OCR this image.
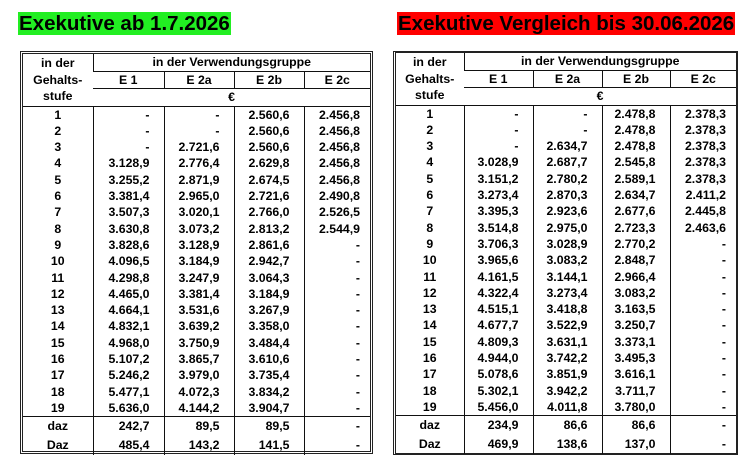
Exekutive ab 1.7.2026	Exekutive Vergleich bis 30.06.2026
in der
Gehalts-
stufe	in der Verwendungsgruppe			
	E 1	E 2a	E 2b	E 2c
	€			
1	-	-	2.560,6	2.456,8
2	-	-	2.560,6	2.456,8
3	-	2.721,6	2.560,6	2.456,8
4	3.128,9	2.776,4	2.629,8	2.456,8
5	3.255,2	2.871,9	2.674,5	2.456,8
6	3.381,4	2.965,0	2.721,6	2.490,8
7	3.507,3	3.020,1	2.766,0	2.526,5
8	3.630,8	3.073,2	2.813,2	2.544,9
9	3.828,6	3.128,9	2.861,6	-
10	4.096,5	3.184,9	2.942,7	-
11	4.298,8	3.247,9	3.064,3	-
12	4.465,0	3.381,4	3.184,9	-
13	4.664,1	3.531,6	3.267,9	-
14	4.832,1	3.639,2	3.358,0	-
15	4.968,0	3.750,9	3.484,4	-
16	5.107,2	3.865,7	3.610,6	-
17	5.246,2	3.979,0	3.735,4	-
18	5.477,1	4.072,3	3.834,2	-
19	5.636,0	4.144,2	3.904,7	-
daz	242,7	89,5	89,5	-
Daz	485,4	143,2	141,5	-
in der
Gehalts-
stufe	in der Verwendungsgruppe			
	E 1	E 2a	E 2b	E 2c
	€			
1	-	-	2.478,8	2.378,3
2	-	-	2.478,8	2.378,3
3	-	2.634,7	2.478,8	2.378,3
4	3.028,9	2.687,7	2.545,8	2.378,3
5	3.151,2	2.780,2	2.589,1	2.378,3
6	3.273,4	2.870,3	2.634,7	2.411,2
7	3.395,3	2.923,6	2.677,6	2.445,8
8	3.514,8	2.975,0	2.723,3	2.463,6
9	3.706,3	3.028,9	2.770,2	-
10	3.965,6	3.083,2	2.848,7	-
11	4.161,5	3.144,1	2.966,4	-
12	4.322,4	3.273,4	3.083,2	-
13	4.515,1	3.418,8	3.163,5	-
14	4.677,7	3.522,9	3.250,7	-
15	4.809,3	3.631,1	3.373,1	-
16	4.944,0	3.742,2	3.495,3	-
17	5.078,6	3.851,9	3.616,1	-
18	5.302,1	3.942,2	3.711,7	-
19	5.456,0	4.011,8	3.780,0	-
daz	234,9	86,6	86,6	-
Daz	469,9	138,6	137,0	-
